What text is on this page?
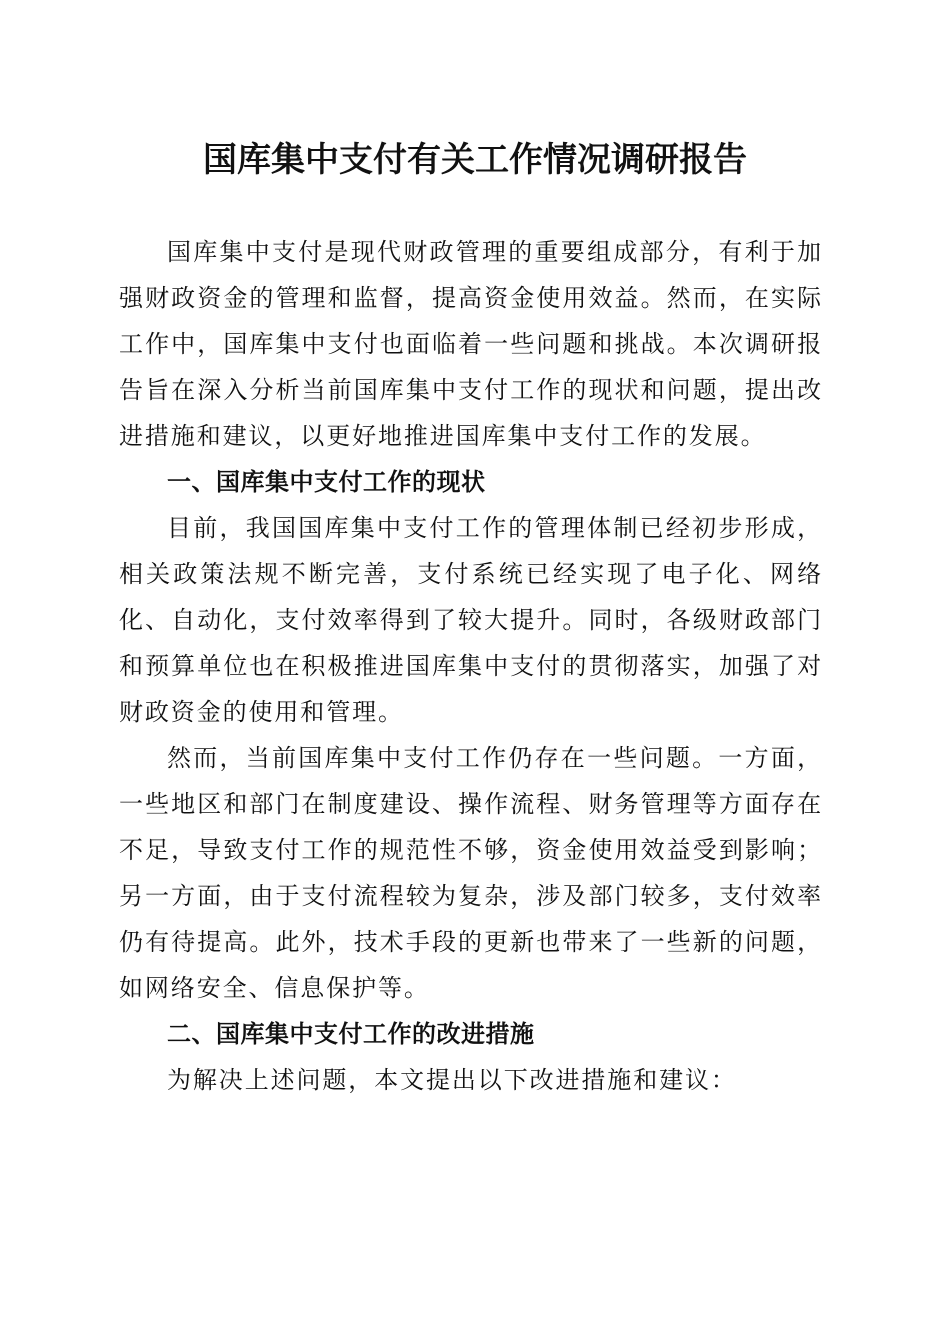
国库集中支付有关工作情况调研报告

国库集中支付是现代财政管理的重要组成部分，有利于加强财政资金的管理和监督，提高资金使用效益。然而，在实际工作中，国库集中支付也面临着一些问题和挑战。本次调研报告旨在深入分析当前国库集中支付工作的现状和问题，提出改进措施和建议，以更好地推进国库集中支付工作的发展。

一、国库集中支付工作的现状

目前，我国国库集中支付工作的管理体制已经初步形成，相关政策法规不断完善，支付系统已经实现了电子化、网络化、自动化，支付效率得到了较大提升。同时，各级财政部门和预算单位也在积极推进国库集中支付的贯彻落实，加强了对财政资金的使用和管理。

然而，当前国库集中支付工作仍存在一些问题。一方面，一些地区和部门在制度建设、操作流程、财务管理等方面存在不足，导致支付工作的规范性不够，资金使用效益受到影响；另一方面，由于支付流程较为复杂，涉及部门较多，支付效率仍有待提高。此外，技术手段的更新也带来了一些新的问题，如网络安全、信息保护等。

二、国库集中支付工作的改进措施

为解决上述问题，本文提出以下改进措施和建议：
